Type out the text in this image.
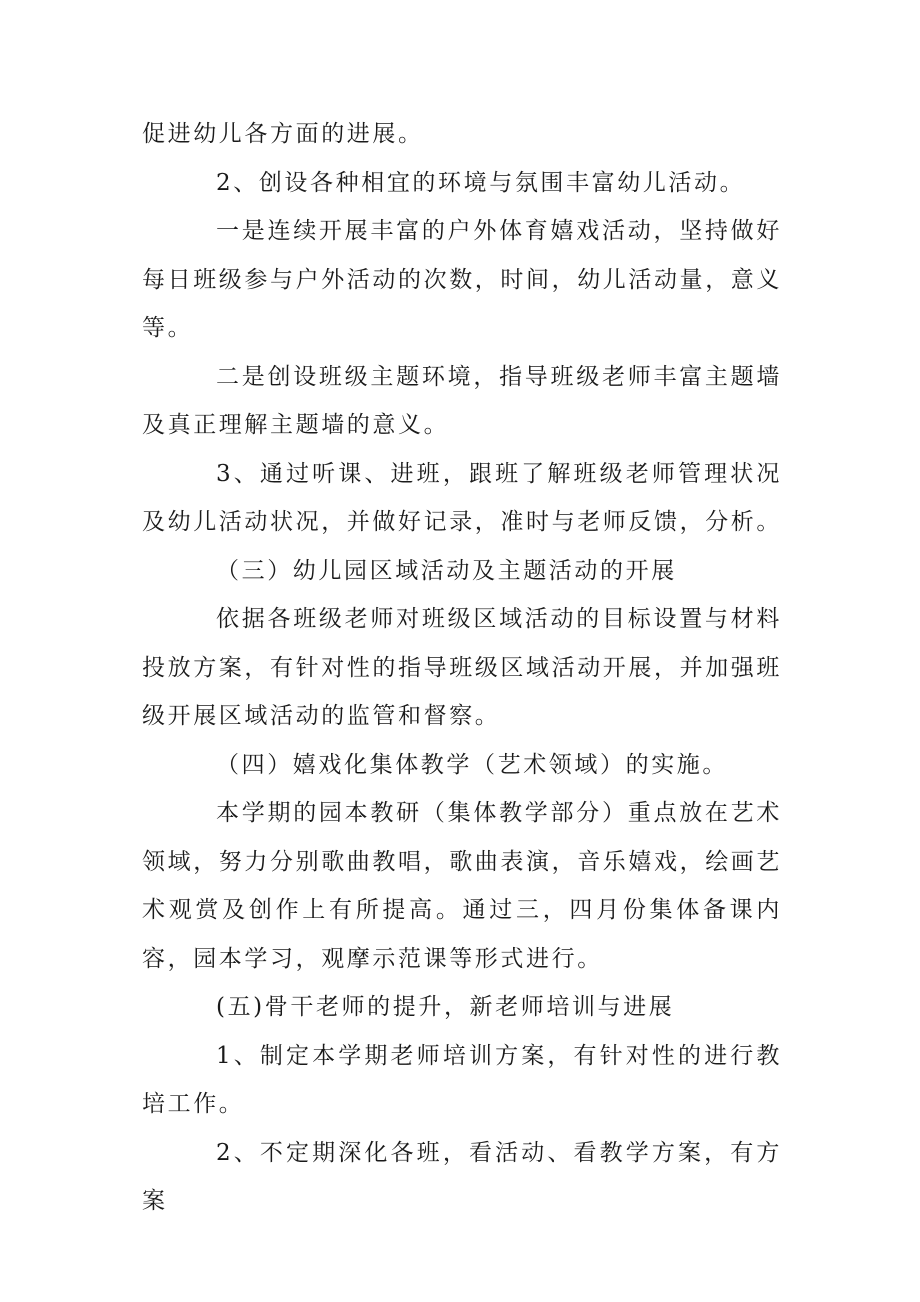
促进幼儿各方面的进展。

2、创设各种相宜的环境与氛围丰富幼儿活动。

一是连续开展丰富的户外体育嬉戏活动，坚持做好每日班级参与户外活动的次数，时间，幼儿活动量，意义等。

二是创设班级主题环境，指导班级老师丰富主题墙及真正理解主题墙的意义。

3、通过听课、进班，跟班了解班级老师管理状况及幼儿活动状况，并做好记录，准时与老师反馈，分析。

（三）幼儿园区域活动及主题活动的开展

依据各班级老师对班级区域活动的目标设置与材料投放方案，有针对性的指导班级区域活动开展，并加强班级开展区域活动的监管和督察。

（四）嬉戏化集体教学（艺术领域）的实施。

本学期的园本教研（集体教学部分）重点放在艺术领域，努力分别歌曲教唱，歌曲表演，音乐嬉戏，绘画艺术观赏及创作上有所提高。通过三，四月份集体备课内容，园本学习，观摩示范课等形式进行。

(五)骨干老师的提升，新老师培训与进展

1、制定本学期老师培训方案，有针对性的进行教培工作。

2、不定期深化各班，看活动、看教学方案，有方案
